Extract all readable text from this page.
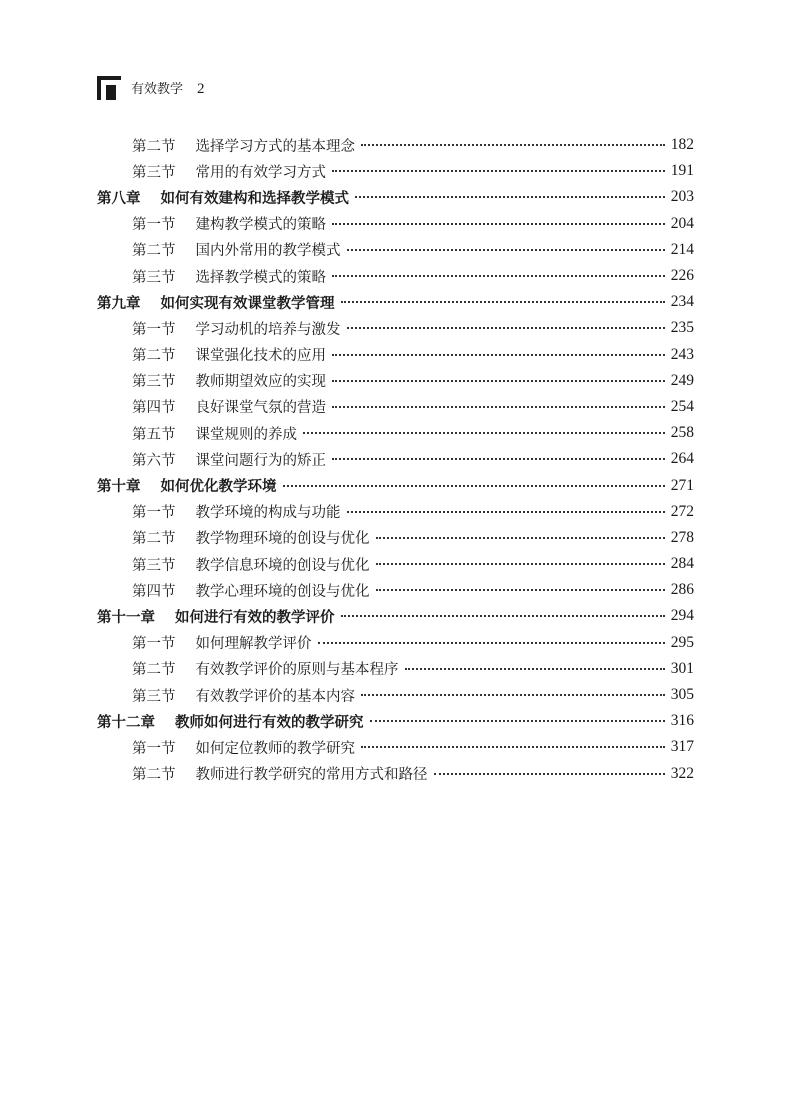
有效教学 2
第二节 选择学习方式的基本理念	182
第三节 常用的有效学习方式	191
第八章 如何有效建构和选择教学模式	203
第一节 建构教学模式的策略	204
第二节 国内外常用的教学模式	214
第三节 选择教学模式的策略	226
第九章 如何实现有效课堂教学管理	234
第一节 学习动机的培养与激发	235
第二节 课堂强化技术的应用	243
第三节 教师期望效应的实现	249
第四节 良好课堂气氛的营造	254
第五节 课堂规则的养成	258
第六节 课堂问题行为的矫正	264
第十章 如何优化教学环境	271
第一节 教学环境的构成与功能	272
第二节 教学物理环境的创设与优化	278
第三节 教学信息环境的创设与优化	284
第四节 教学心理环境的创设与优化	286
第十一章 如何进行有效的教学评价	294
第一节 如何理解教学评价	295
第二节 有效教学评价的原则与基本程序	301
第三节 有效教学评价的基本内容	305
第十二章 教师如何进行有效的教学研究	316
第一节 如何定位教师的教学研究	317
第二节 教师进行教学研究的常用方式和路径	322
